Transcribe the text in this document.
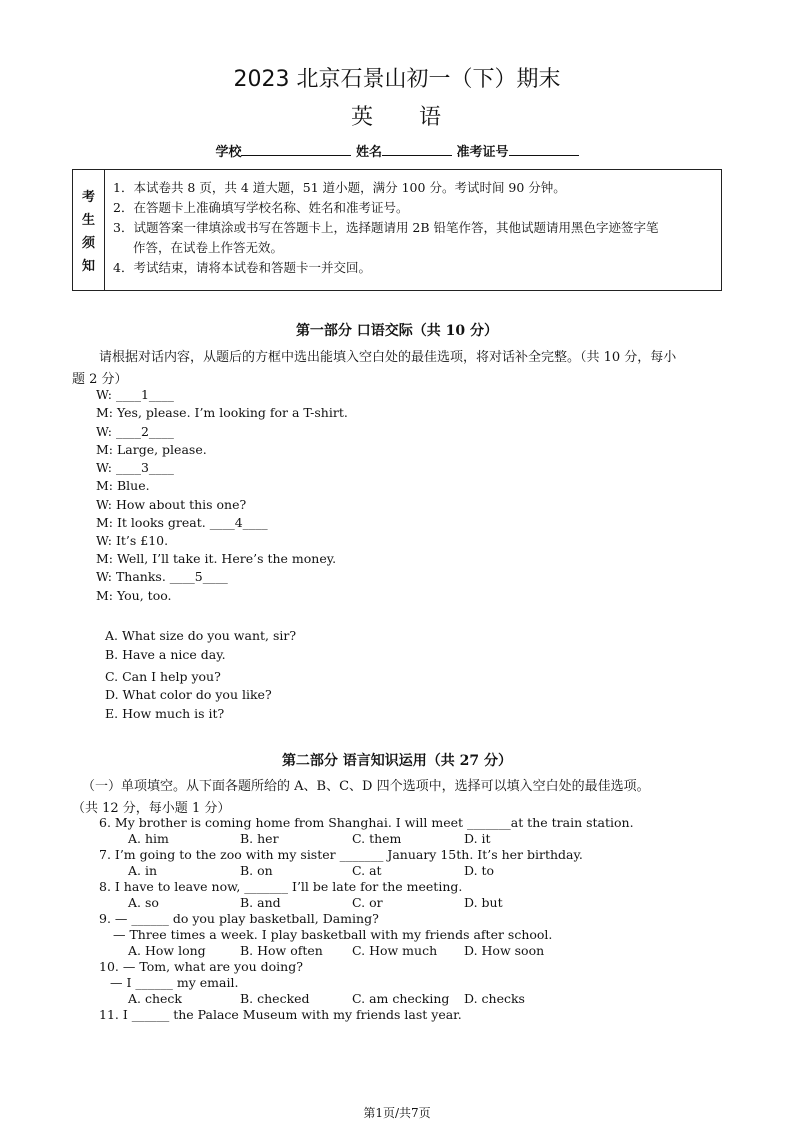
2023 北京石景山初一（下）期末
英 语
学校	姓名	准考证号
考
生
须
知
1．本试卷共 8 页，共 4 道大题，51 道小题，满分 100 分。考试时间 90 分钟。
2．在答题卡上准确填写学校名称、姓名和准考证号。
3．试题答案一律填涂或书写在答题卡上，选择题请用 2B 铅笔作答，其他试题请用黑色字迹签字笔
作答，在试卷上作答无效。
4．考试结束，请将本试卷和答题卡一并交回。
第一部分 口语交际（共 10 分）
请根据对话内容，从题后的方框中选出能填入空白处的最佳选项，将对话补全完整。（共 10 分，每小
题 2 分）
W: ____1____
M: Yes, please. I’m looking for a T-shirt.
W: ____2____
M: Large, please.
W: ____3____
M: Blue.
W: How about this one?
M: It looks great. ____4____
W: It’s £10.
M: Well, I’ll take it. Here’s the money.
W: Thanks. ____5____
M: You, too.
A. What size do you want, sir?
B. Have a nice day.
C. Can I help you?
D. What color do you like?
E. How much is it?
第二部分 语言知识运用（共 27 分）
（一）单项填空。从下面各题所给的 A、B、C、D 四个选项中，选择可以填入空白处的最佳选项。
（共 12 分，每小题 1 分）
6. My brother is coming home from Shanghai. I will meet _______at the train station.
A. him	B. her	C. them	D. it
7. I’m going to the zoo with my sister _______ January 15th. It’s her birthday.
A. in	B. on	C. at	D. to
8. I have to leave now, _______ I’ll be late for the meeting.
A. so	B. and	C. or	D. but
9. — ______ do you play basketball, Daming?
— Three times a week. I play basketball with my friends after school.
A. How long	B. How often C. How much D. How soon
10. — Tom, what are you doing?
— I ______ my email.
A. check	B. checked	C. am checking D. checks
11. I ______ the Palace Museum with my friends last year.
第1页/共7页
